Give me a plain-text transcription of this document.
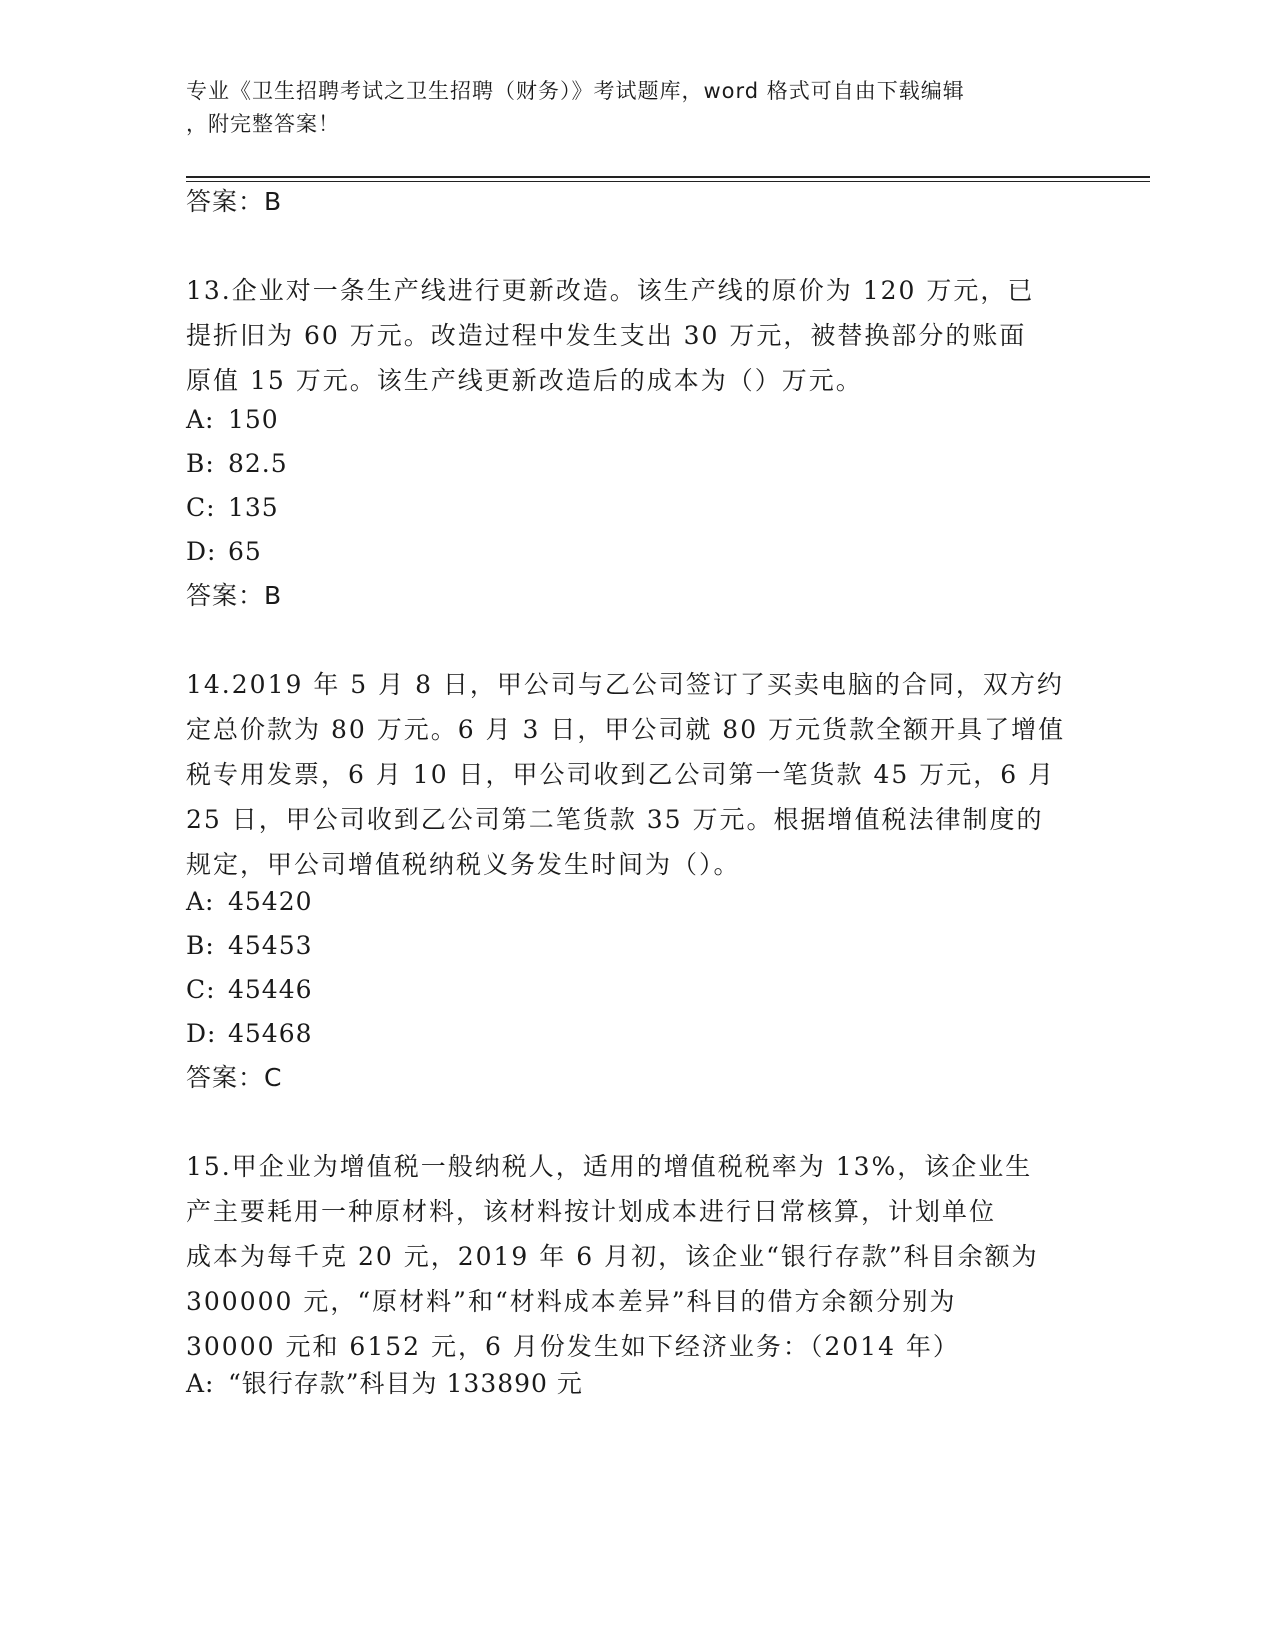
专业《卫生招聘考试之卫生招聘（财务）》考试题库，word 格式可自由下载编辑
，附完整答案！
答案：B
13.企业对一条生产线进行更新改造。该生产线的原价为 120 万元，已
提折旧为 60 万元。改造过程中发生支出 30 万元，被替换部分的账面
原值 15 万元。该生产线更新改造后的成本为（）万元。
A: 150
B: 82.5
C: 135
D: 65
答案：B
14.2019 年 5 月 8 日，甲公司与乙公司签订了买卖电脑的合同，双方约
定总价款为 80 万元。6 月 3 日，甲公司就 80 万元货款全额开具了增值
税专用发票，6 月 10 日，甲公司收到乙公司第一笔货款 45 万元，6 月
25 日，甲公司收到乙公司第二笔货款 35 万元。根据增值税法律制度的
规定，甲公司增值税纳税义务发生时间为（）。
A: 45420
B: 45453
C: 45446
D: 45468
答案：C
15.甲企业为增值税一般纳税人，适用的增值税税率为 13%，该企业生
产主要耗用一种原材料，该材料按计划成本进行日常核算，计划单位
成本为每千克 20 元，2019 年 6 月初，该企业“银行存款”科目余额为
300000 元，“原材料”和“材料成本差异”科目的借方余额分别为
30000 元和 6152 元，6 月份发生如下经济业务：（2014 年）
A: “银行存款”科目为 133890 元
